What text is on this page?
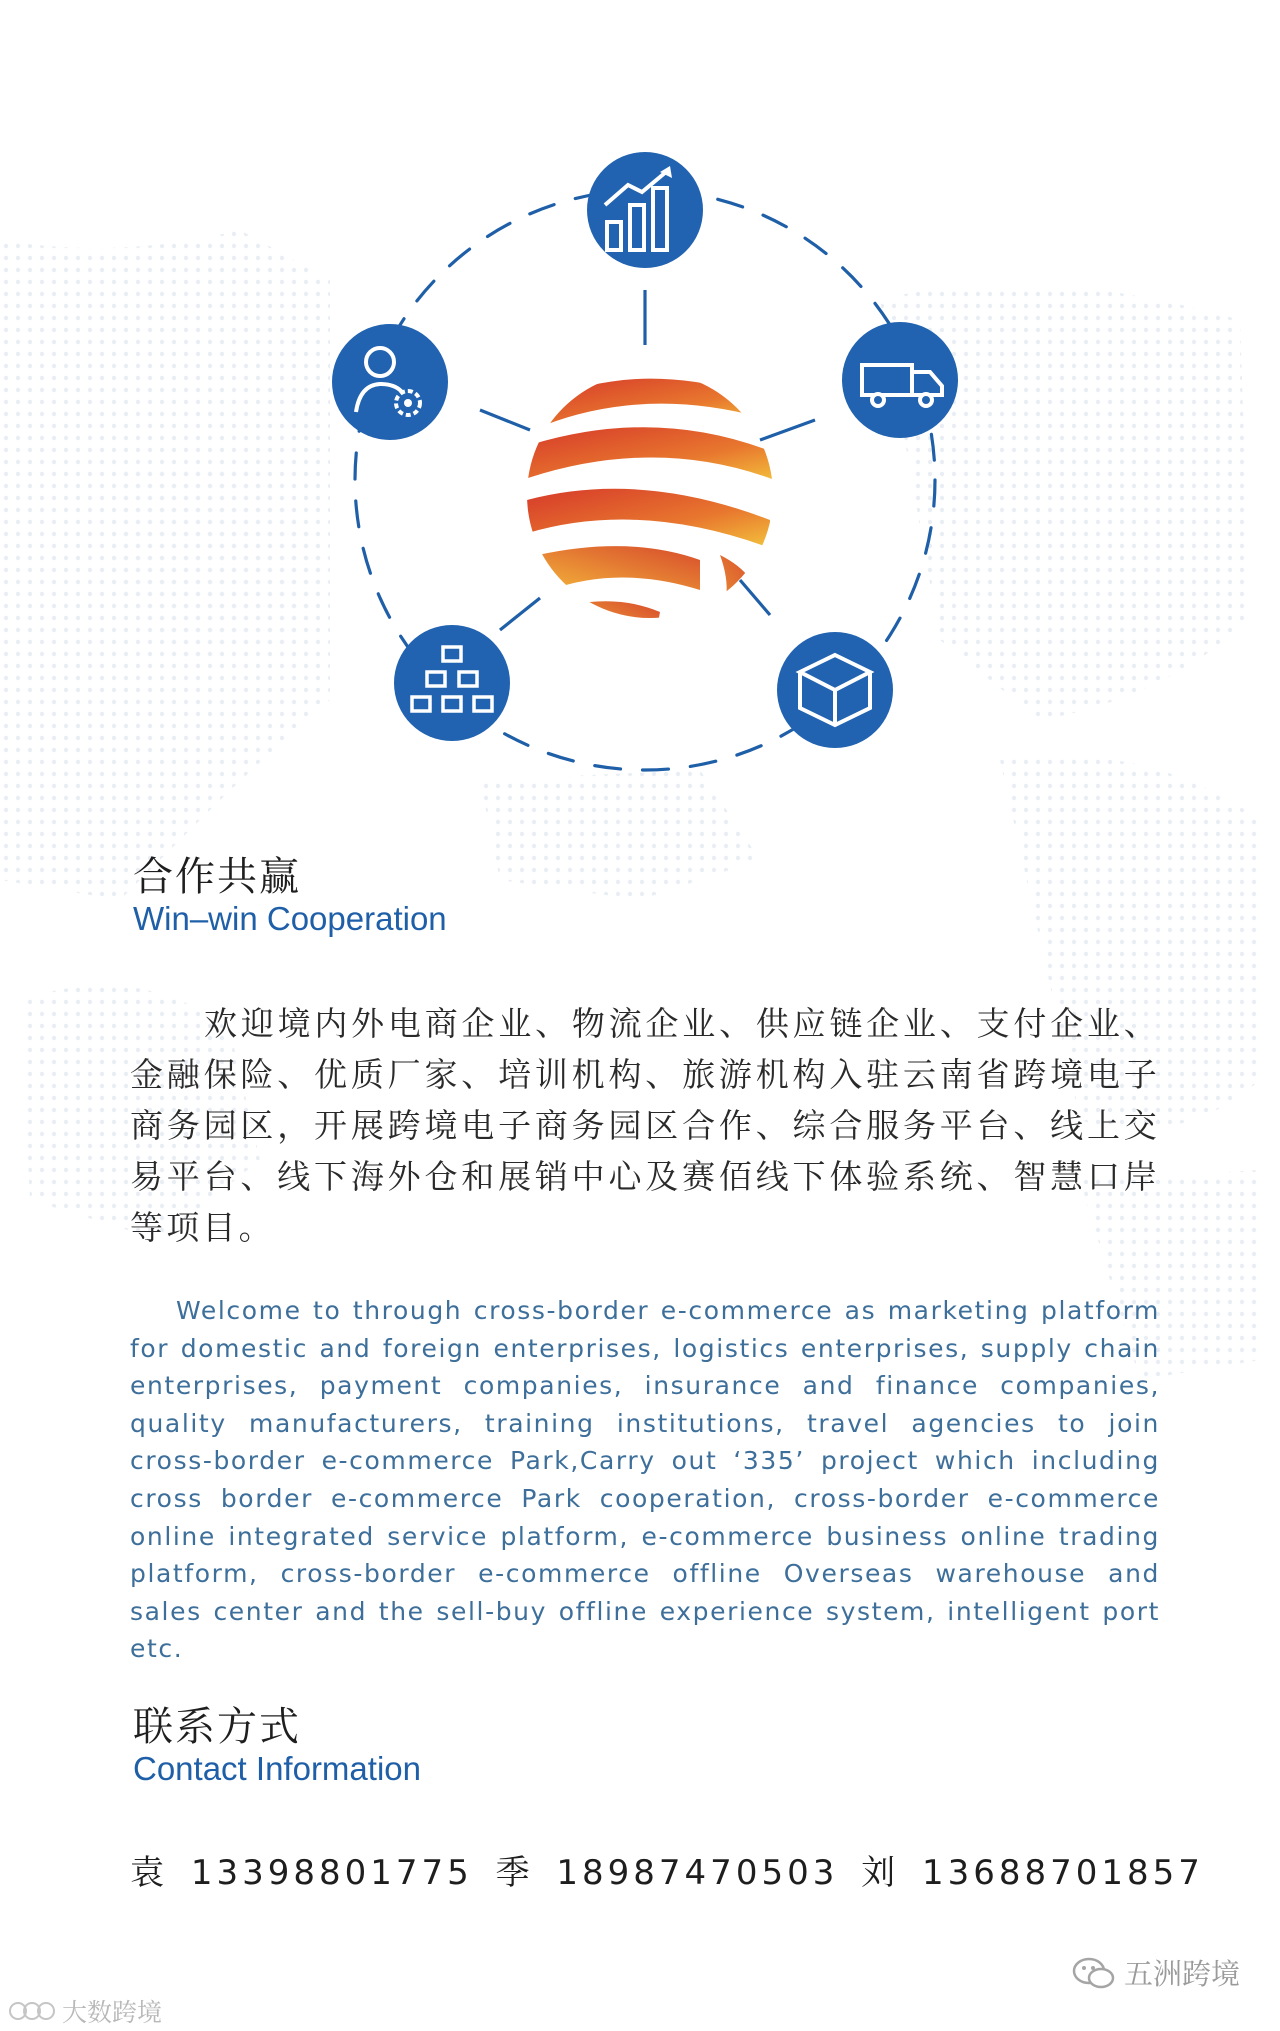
合作共赢
Win–win Cooperation
欢迎境内外电商企业、物流企业、供应链企业、支付企业、金融保险、优质厂家、培训机构、旅游机构入驻云南省跨境电子商务园区，开展跨境电子商务园区合作、综合服务平台、线上交易平台、线下海外仓和展销中心及赛佰线下体验系统、智慧口岸等项目。
Welcome to through cross-border e-commerce as marketing platform for domestic and foreign enterprises, logistics enterprises, supply chain enterprises, payment companies, insurance and finance companies, quality manufacturers, training institutions, travel agencies to join cross-border e-commerce Park,Carry out ‘335’ project which including cross border e-commerce Park cooperation, cross-border e-commerce online integrated service platform, e-commerce business online trading platform, cross-border e-commerce offline Overseas warehouse and sales center and the sell-buy offline experience system, intelligent port etc.
联系方式
Contact Information
袁 13398801775 季 18987470503 刘 13688701857
五洲跨境
大数跨境
